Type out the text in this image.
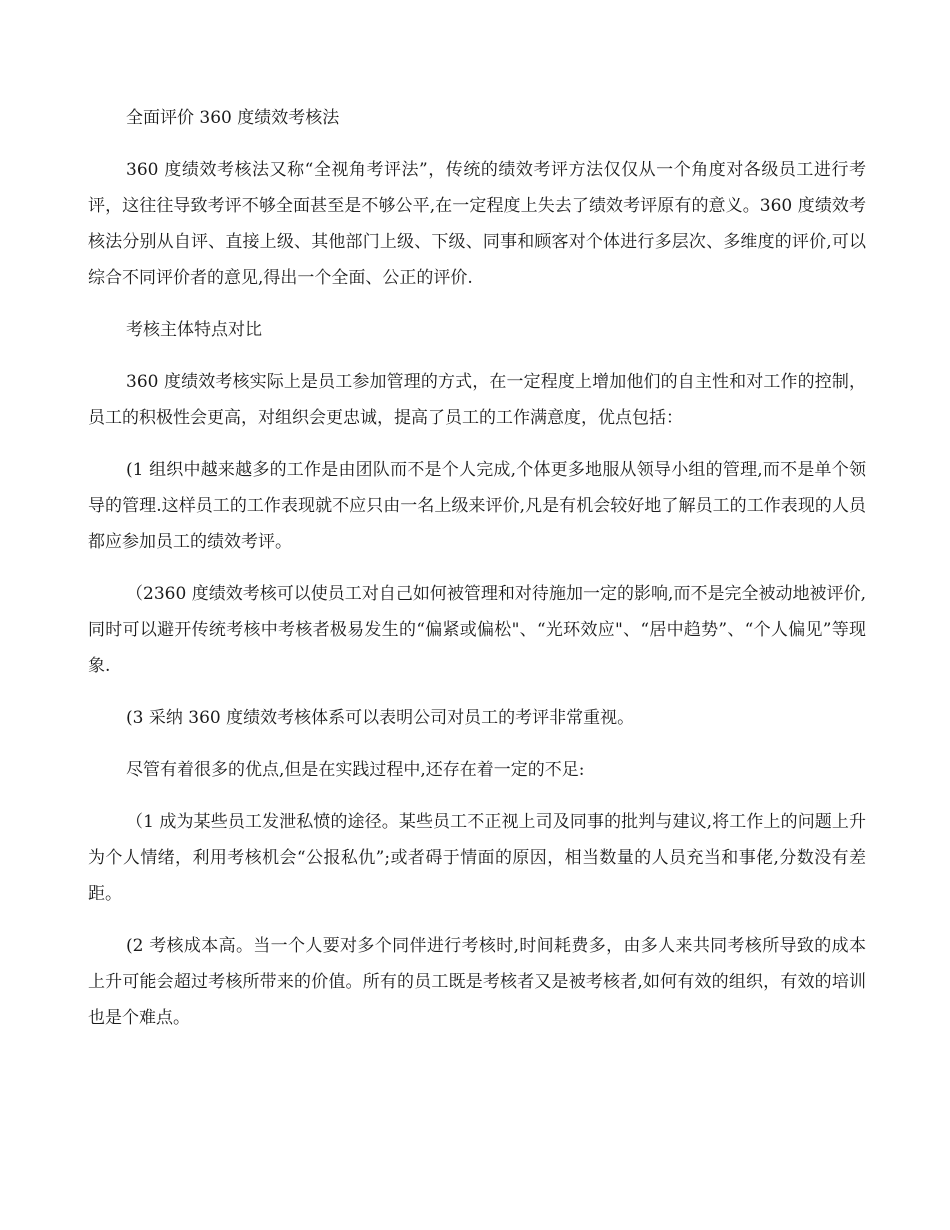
全面评价 360 度绩效考核法

360 度绩效考核法又称“全视角考评法”，传统的绩效考评方法仅仅从一个角度对各级员工进行考评，这往往导致考评不够全面甚至是不够公平,在一定程度上失去了绩效考评原有的意义。360 度绩效考核法分别从自评、直接上级、其他部门上级、下级、同事和顾客对个体进行多层次、多维度的评价,可以综合不同评价者的意见,得出一个全面、公正的评价.

考核主体特点对比

360 度绩效考核实际上是员工参加管理的方式，在一定程度上增加他们的自主性和对工作的控制，员工的积极性会更高，对组织会更忠诚，提高了员工的工作满意度，优点包括：

(1 组织中越来越多的工作是由团队而不是个人完成,个体更多地服从领导小组的管理,而不是单个领导的管理.这样员工的工作表现就不应只由一名上级来评价,凡是有机会较好地了解员工的工作表现的人员都应参加员工的绩效考评。

（2360 度绩效考核可以使员工对自己如何被管理和对待施加一定的影响,而不是完全被动地被评价,同时可以避开传统考核中考核者极易发生的“偏紧或偏松"、“光环效应"、“居中趋势”、“个人偏见”等现象.

(3 采纳 360 度绩效考核体系可以表明公司对员工的考评非常重视。

尽管有着很多的优点,但是在实践过程中,还存在着一定的不足:

（1 成为某些员工发泄私愤的途径。某些员工不正视上司及同事的批判与建议,将工作上的问题上升为个人情绪，利用考核机会“公报私仇”;或者碍于情面的原因，相当数量的人员充当和事佬,分数没有差距。

(2 考核成本高。当一个人要对多个同伴进行考核时,时间耗费多，由多人来共同考核所导致的成本上升可能会超过考核所带来的价值。所有的员工既是考核者又是被考核者,如何有效的组织，有效的培训也是个难点。
